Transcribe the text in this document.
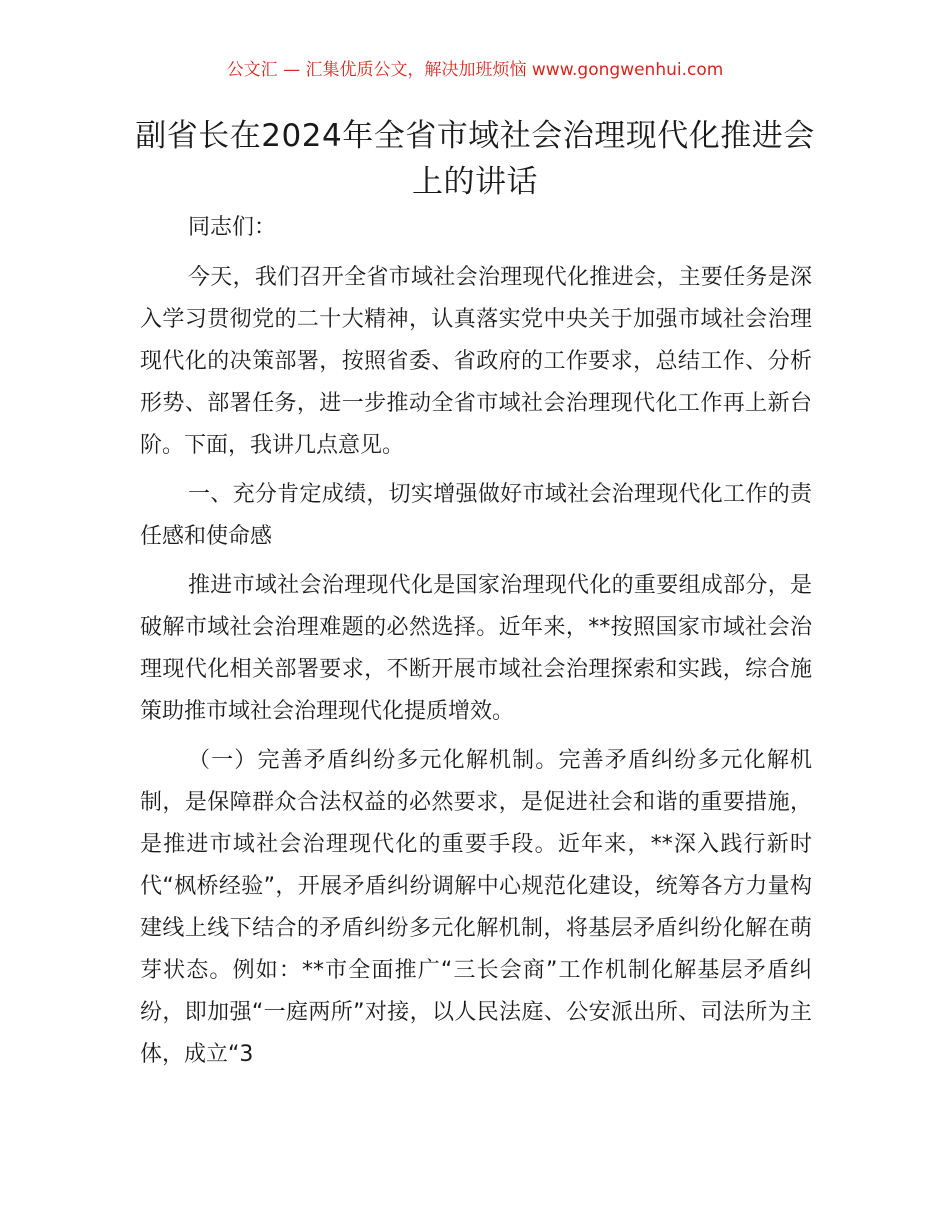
公文汇 — 汇集优质公文，解决加班烦恼 www.gongwenhui.com
副省长在2024年全省市域社会治理现代化推进会上的讲话

同志们：

今天，我们召开全省市域社会治理现代化推进会，主要任务是深入学习贯彻党的二十大精神，认真落实党中央关于加强市域社会治理现代化的决策部署，按照省委、省政府的工作要求，总结工作、分析形势、部署任务，进一步推动全省市域社会治理现代化工作再上新台阶。下面，我讲几点意见。

一、充分肯定成绩，切实增强做好市域社会治理现代化工作的责任感和使命感

推进市域社会治理现代化是国家治理现代化的重要组成部分，是破解市域社会治理难题的必然选择。近年来，**按照国家市域社会治理现代化相关部署要求，不断开展市域社会治理探索和实践，综合施策助推市域社会治理现代化提质增效。

（一）完善矛盾纠纷多元化解机制。完善矛盾纠纷多元化解机制，是保障群众合法权益的必然要求，是促进社会和谐的重要措施，是推进市域社会治理现代化的重要手段。近年来，**深入践行新时代“枫桥经验”，开展矛盾纠纷调解中心规范化建设，统筹各方力量构建线上线下结合的矛盾纠纷多元化解机制，将基层矛盾纠纷化解在萌芽状态。例如：**市全面推广“三长会商”工作机制化解基层矛盾纠纷，即加强“一庭两所”对接，以人民法庭、公安派出所、司法所为主体，成立“3
